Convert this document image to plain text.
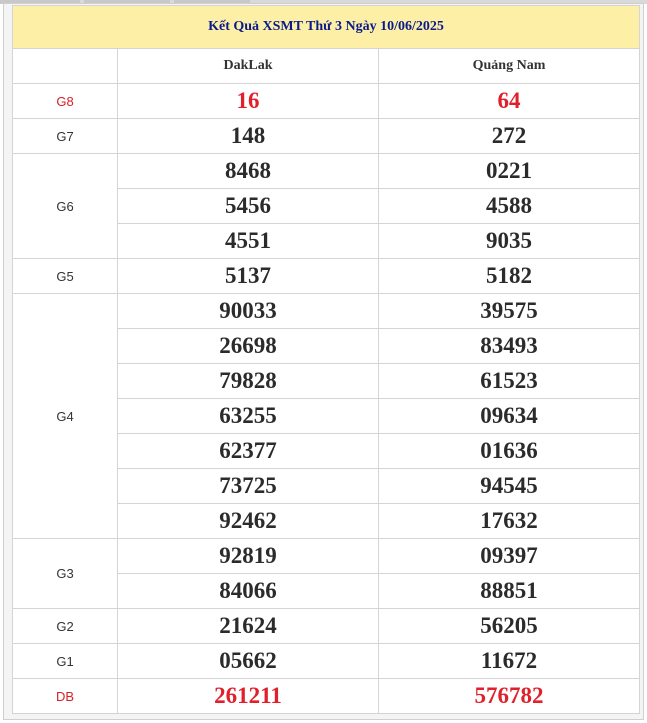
Kết Quả XSMT Thứ 3 Ngày 10/06/2025		
	DakLak	Quảng Nam
G8	16	64
G7	148	272
G6	8468	0221
	5456	4588
	4551	9035
G5	5137	5182
G4	90033	39575
	26698	83493
	79828	61523
	63255	09634
	62377	01636
	73725	94545
	92462	17632
G3	92819	09397
	84066	88851
G2	21624	56205
G1	05662	11672
DB	261211	576782
